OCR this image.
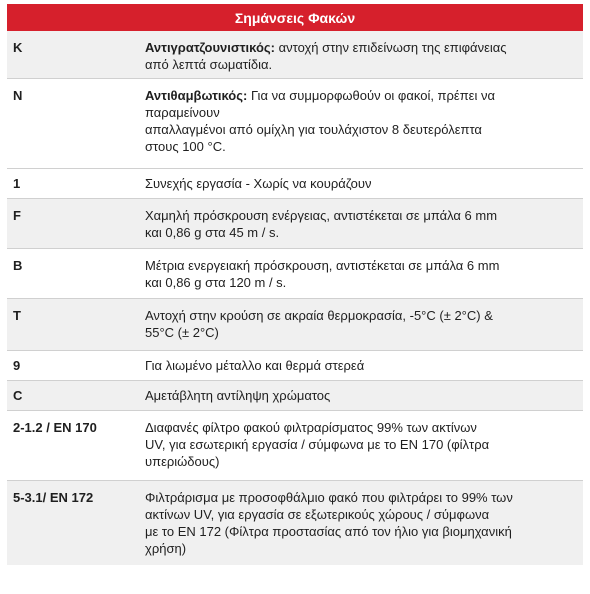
Σημάνσεις Φακών
K	Αντιγρατζουνιστικός: αντοχή στην επιδείνωση της επιφάνειας
από λεπτά σωματίδια.
N	Αντιθαμβωτικός: Για να συμμορφωθούν οι φακοί, πρέπει να
παραμείνουν
απαλλαγμένοι από ομίχλη για τουλάχιστον 8 δευτερόλεπτα
στους 100 °C.
1	Συνεχής εργασία - Χωρίς να κουράζουν
F	Χαμηλή πρόσκρουση ενέργειας, αντιστέκεται σε μπάλα 6 mm
και 0,86 g στα 45 m / s.
B	Μέτρια ενεργειακή πρόσκρουση, αντιστέκεται σε μπάλα 6 mm
και 0,86 g στα 120 m / s.
T	Αντοχή στην κρούση σε ακραία θερμοκρασία, -5°C (± 2°C) &
55°C (± 2°C)
9	Για λιωμένο μέταλλο και θερμά στερεά
C	Αμετάβλητη αντίληψη χρώματος
2-1.2 / EN 170	Διαφανές φίλτρο φακού φιλτραρίσματος 99% των ακτίνων
UV, για εσωτερική εργασία / σύμφωνα με το EN 170 (φίλτρα
υπεριώδους)
5-3.1/ EN 172	Φιλτράρισμα με προσοφθάλμιο φακό που φιλτράρει το 99% των
ακτίνων UV, για εργασία σε εξωτερικούς χώρους / σύμφωνα
με το EN 172 (Φίλτρα προστασίας από τον ήλιο για βιομηχανική
χρήση)
